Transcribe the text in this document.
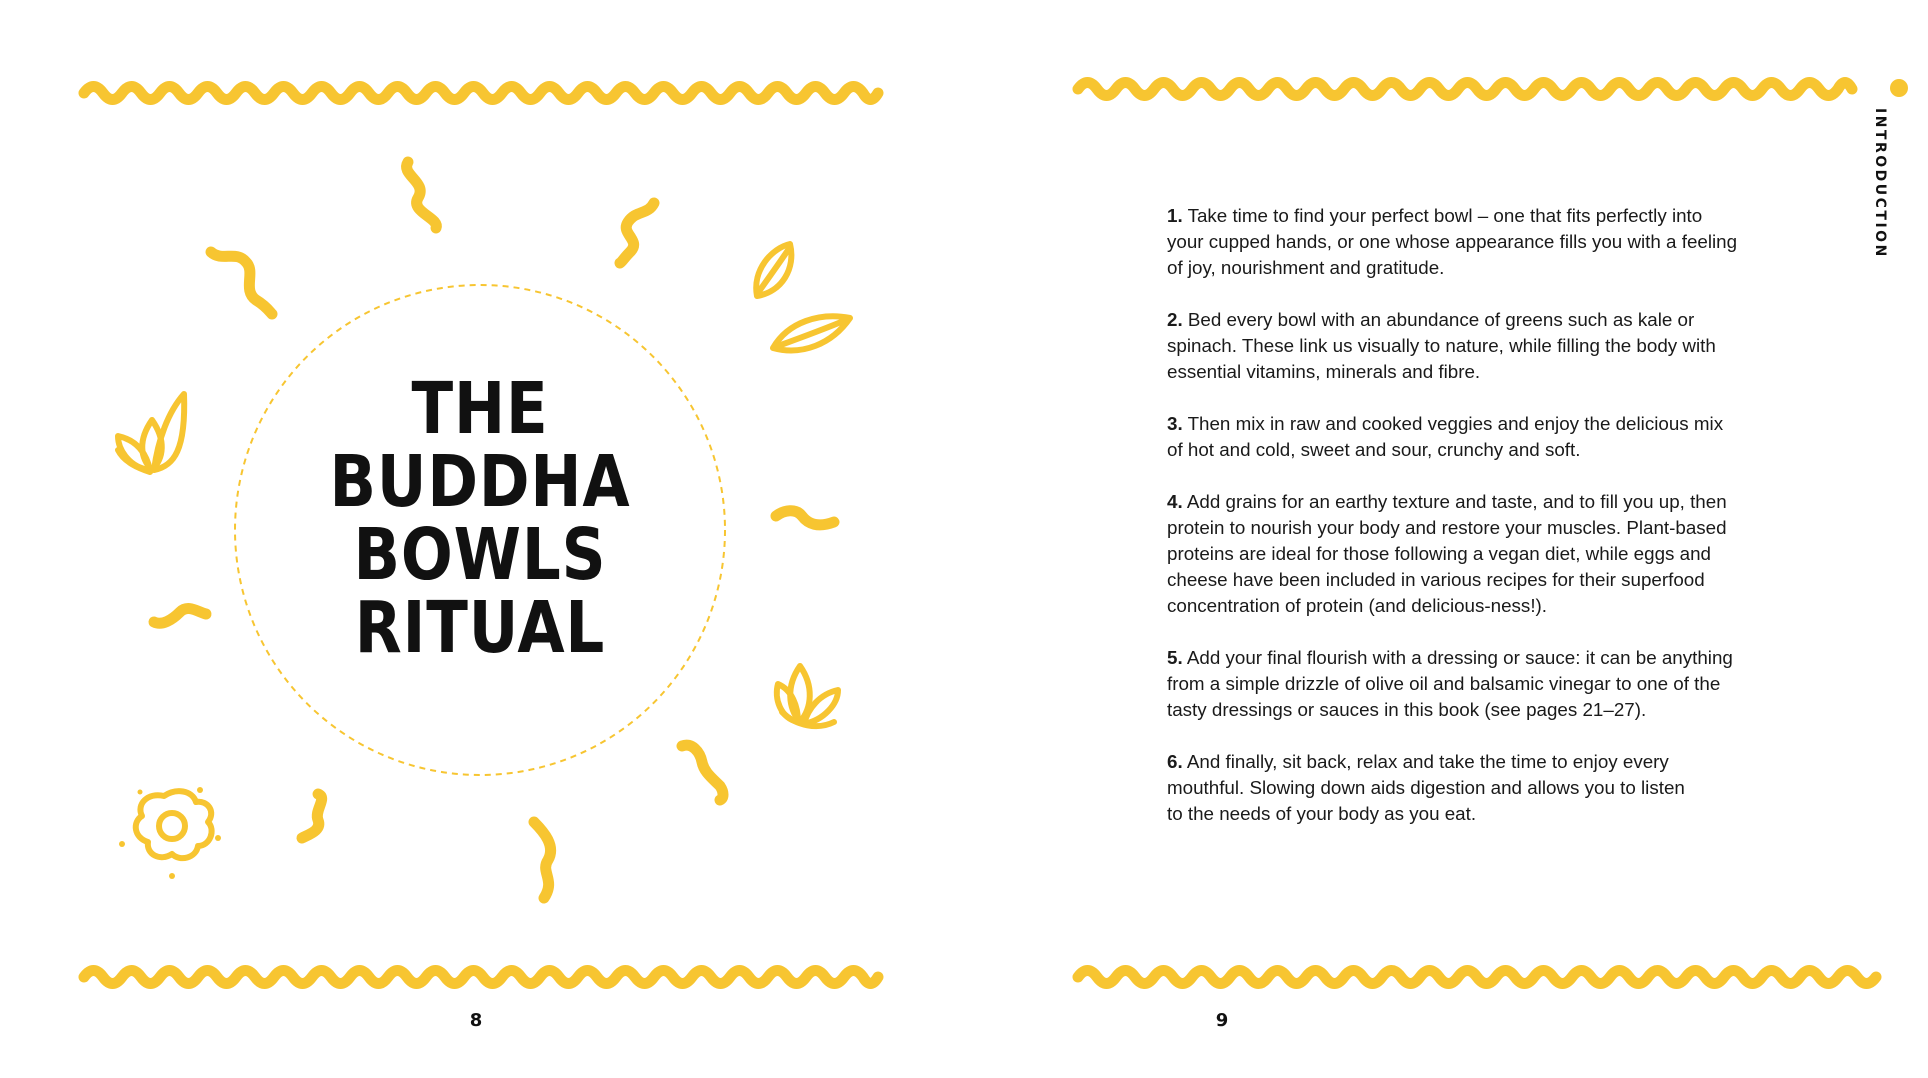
THE
BUDDHA
BOWLS
RITUAL
8
INTRODUCTION
1. Take time to find your perfect bowl – one that fits perfectly into
your cupped hands, or one whose appearance fills you with a feeling
of joy, nourishment and gratitude.
2. Bed every bowl with an abundance of greens such as kale or
spinach. These link us visually to nature, while filling the body with
essential vitamins, minerals and fibre.
3. Then mix in raw and cooked veggies and enjoy the delicious mix
of hot and cold, sweet and sour, crunchy and soft.
4. Add grains for an earthy texture and taste, and to fill you up, then
protein to nourish your body and restore your muscles. Plant-based
proteins are ideal for those following a vegan diet, while eggs and
cheese have been included in various recipes for their superfood
concentration of protein (and delicious-ness!).
5. Add your final flourish with a dressing or sauce: it can be anything
from a simple drizzle of olive oil and balsamic vinegar to one of the
tasty dressings or sauces in this book (see pages 21–27).
6. And finally, sit back, relax and take the time to enjoy every
mouthful. Slowing down aids digestion and allows you to listen
to the needs of your body as you eat.
9
